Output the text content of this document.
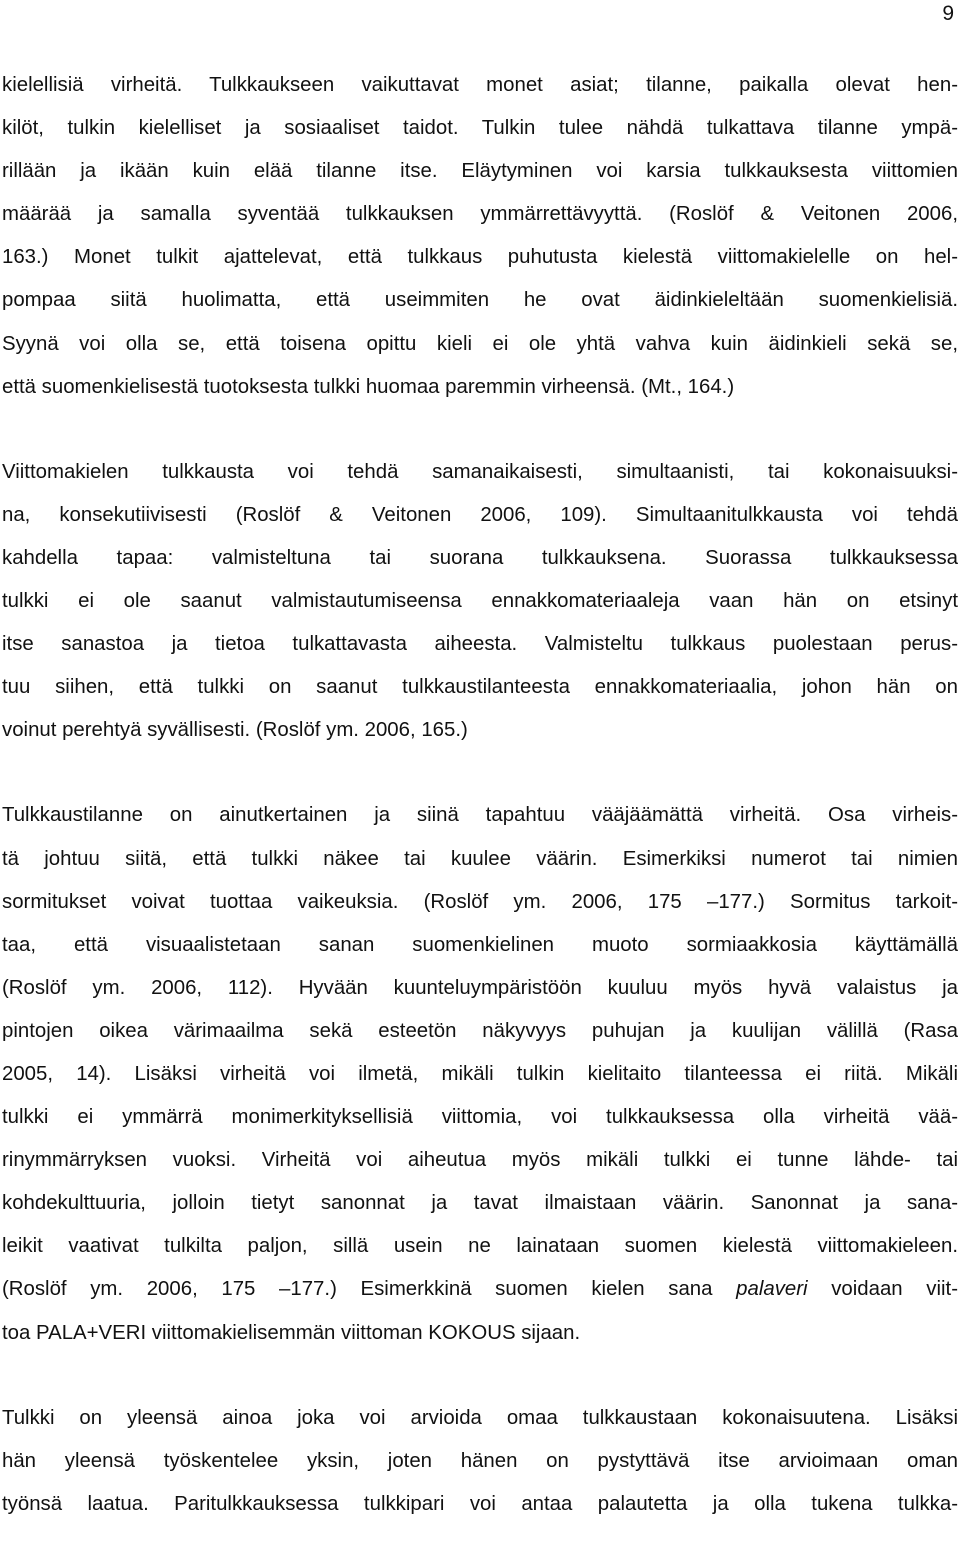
9

kielellisiä virheitä. Tulkkaukseen vaikuttavat monet asiat; tilanne, paikalla olevat hen-
kilöt, tulkin kielelliset ja sosiaaliset taidot. Tulkin tulee nähdä tulkattava tilanne ympä-
rillään ja ikään kuin elää tilanne itse. Eläytyminen voi karsia tulkkauksesta viittomien
määrää ja samalla syventää tulkkauksen ymmärrettävyyttä. (Roslöf & Veitonen 2006,
163.) Monet tulkit ajattelevat, että tulkkaus puhutusta kielestä viittomakielelle on hel-
pompaa siitä huolimatta, että useimmiten he ovat äidinkieleltään suomenkielisiä.
Syynä voi olla se, että toisena opittu kieli ei ole yhtä vahva kuin äidinkieli sekä se,
että suomenkielisestä tuotoksesta tulkki huomaa paremmin virheensä. (Mt., 164.)

Viittomakielen tulkkausta voi tehdä samanaikaisesti, simultaanisti, tai kokonaisuuksi-
na, konsekutiivisesti (Roslöf & Veitonen 2006, 109). Simultaanitulkkausta voi tehdä
kahdella tapaa: valmisteltuna tai suorana tulkkauksena. Suorassa tulkkauksessa
tulkki ei ole saanut valmistautumiseensa ennakkomateriaaleja vaan hän on etsinyt
itse sanastoa ja tietoa tulkattavasta aiheesta. Valmisteltu tulkkaus puolestaan perus-
tuu siihen, että tulkki on saanut tulkkaustilanteesta ennakkomateriaalia, johon hän on
voinut perehtyä syvällisesti. (Roslöf ym. 2006, 165.)

Tulkkaustilanne on ainutkertainen ja siinä tapahtuu vääjäämättä virheitä. Osa virheis-
tä johtuu siitä, että tulkki näkee tai kuulee väärin. Esimerkiksi numerot tai nimien
sormitukset voivat tuottaa vaikeuksia. (Roslöf ym. 2006, 175 –177.) Sormitus tarkoit-
taa, että visuaalistetaan sanan suomenkielinen muoto sormiaakkosia käyttämällä
(Roslöf ym. 2006, 112). Hyvään kuunteluympäristöön kuuluu myös hyvä valaistus ja
pintojen oikea värimaailma sekä esteetön näkyvyys puhujan ja kuulijan välillä (Rasa
2005, 14). Lisäksi virheitä voi ilmetä, mikäli tulkin kielitaito tilanteessa ei riitä. Mikäli
tulkki ei ymmärrä monimerkityksellisiä viittomia, voi tulkkauksessa olla virheitä vää-
rinymmärryksen vuoksi. Virheitä voi aiheutua myös mikäli tulkki ei tunne lähde- tai
kohdekulttuuria, jolloin tietyt sanonnat ja tavat ilmaistaan väärin. Sanonnat ja sana-
leikit vaativat tulkilta paljon, sillä usein ne lainataan suomen kielestä viittomakieleen.
(Roslöf ym. 2006, 175 –177.) Esimerkkinä suomen kielen sana palaveri voidaan viit-
toa PALA+VERI viittomakielisemmän viittoman KOKOUS sijaan.

Tulkki on yleensä ainoa joka voi arvioida omaa tulkkaustaan kokonaisuutena. Lisäksi
hän yleensä työskentelee yksin, joten hänen on pystyttävä itse arvioimaan oman
työnsä laatua. Paritulkkauksessa tulkkipari voi antaa palautetta ja olla tukena tulkka-
